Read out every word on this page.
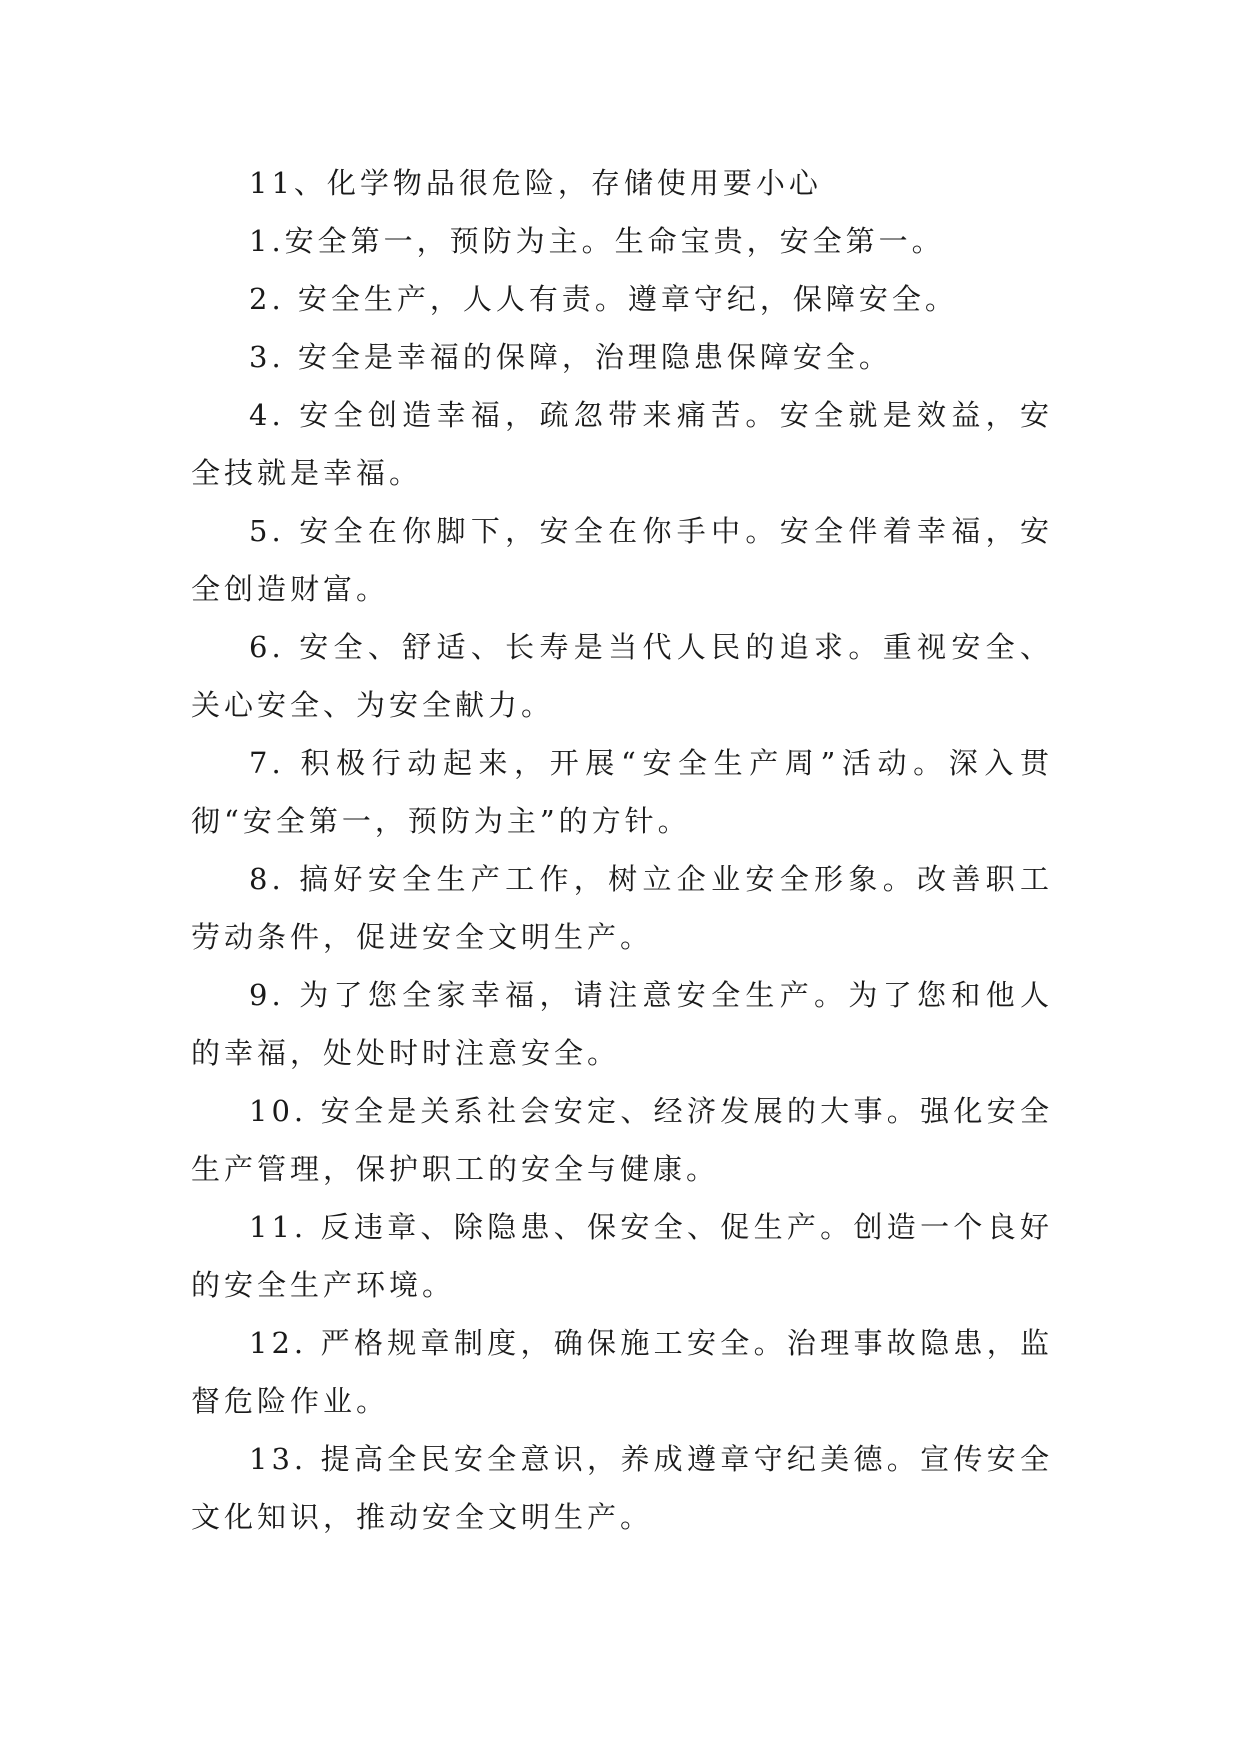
11、化学物品很危险，存储使用要小心

1.安全第一，预防为主。生命宝贵，安全第一。

2. 安全生产，人人有责。遵章守纪，保障安全。

3. 安全是幸福的保障，治理隐患保障安全。

4. 安全创造幸福，疏忽带来痛苦。安全就是效益，安全技就是幸福。

5. 安全在你脚下，安全在你手中。安全伴着幸福，安全创造财富。

6. 安全、舒适、长寿是当代人民的追求。重视安全、关心安全、为安全献力。

7. 积极行动起来，开展“安全生产周”活动。深入贯彻“安全第一，预防为主”的方针。

8. 搞好安全生产工作，树立企业安全形象。改善职工劳动条件，促进安全文明生产。

9. 为了您全家幸福，请注意安全生产。为了您和他人的幸福，处处时时注意安全。

10. 安全是关系社会安定、经济发展的大事。强化安全生产管理，保护职工的安全与健康。

11. 反违章、除隐患、保安全、促生产。创造一个良好的安全生产环境。

12. 严格规章制度，确保施工安全。治理事故隐患，监督危险作业。

13. 提高全民安全意识，养成遵章守纪美德。宣传安全文化知识，推动安全文明生产。
